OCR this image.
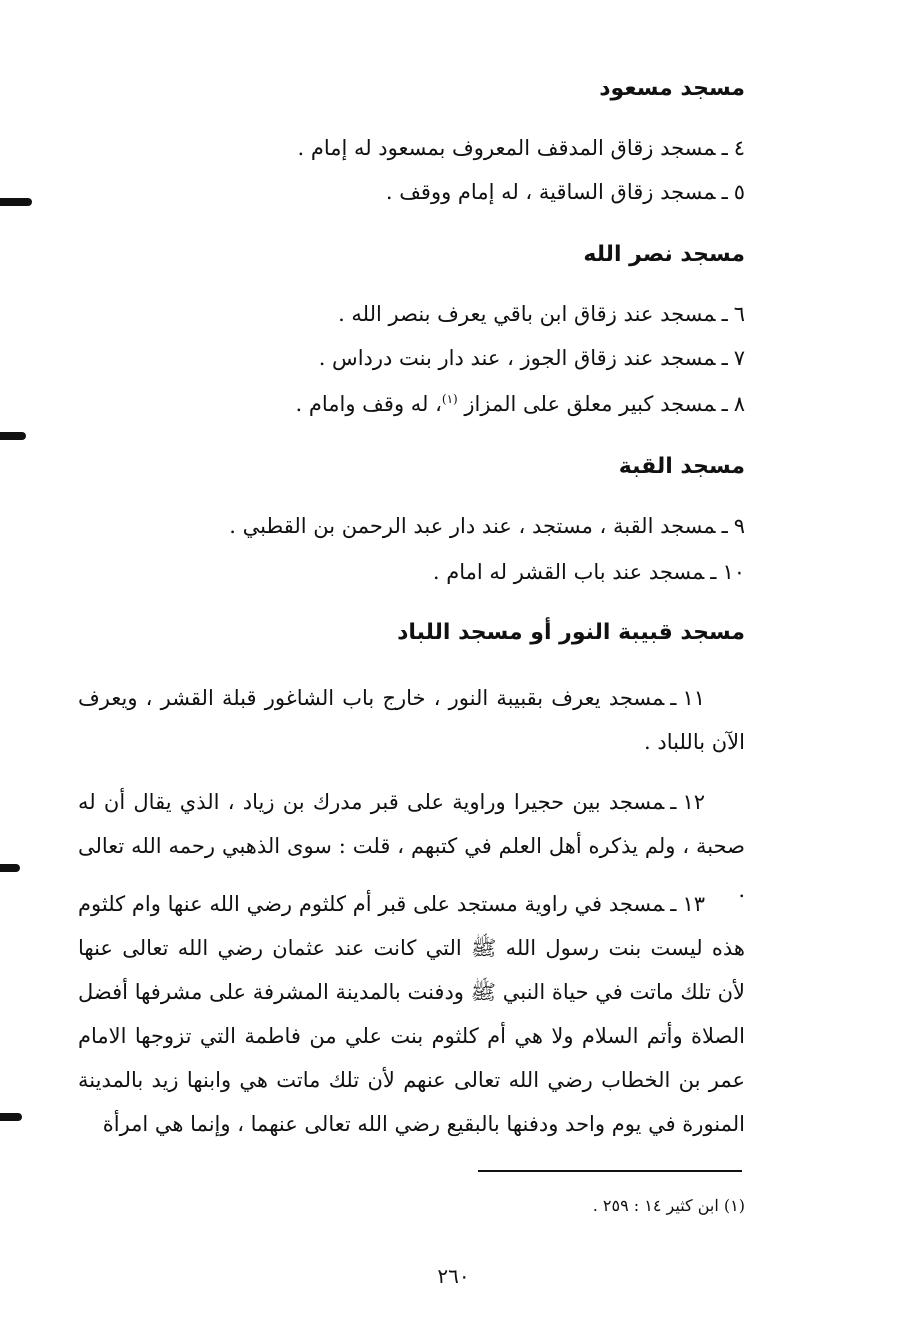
مسجد مسعود

٤ـمسجد زقاق المدقف المعروف بمسعود له إمام .

٥ـمسجد زقاق الساقية ، له إمام ووقف .

مسجد نصر الله

٦ـمسجد عند زقاق ابن باقي يعرف بنصر الله .

٧ـمسجد عند زقاق الجوز ، عند دار بنت درداس .

٨ـمسجد كبير معلق على المزاز $^{(١)}$، له وقف وامام .

مسجد القبة

٩ـمسجد القبة ، مستجد ، عند دار عبد الرحمن بن القطبي .

١٠ـمسجد عند باب القشر له امام .

مسجد قبيبة النور أو مسجد اللباد

١١ـمسجد يعرف بقبيبة النور ، خارج باب الشاغور قبلة القشر ، ويعرف الآن باللباد .

١٢ـمسجد بين حجيرا وراوية على قبر مدرك بن زياد ، الذي يقال أن له صحبة ، ولم يذكره أهل العلم في كتبهم ، قلت : سوى الذهبي رحمه الله تعالى .

١٣ـمسجد في راوية مستجد على قبر أم كلثوم رضي الله عنها وام كلثوم هذه ليست بنت رسول الله ﷺ التي كانت عند عثمان رضي الله تعالى عنها لأن تلك ماتت في حياة النبي ﷺ ودفنت بالمدينة المشرفة على مشرفها أفضل الصلاة وأتم السلام ولا هي أم كلثوم بنت علي من فاطمة التي تزوجها الامام عمر بن الخطاب رضي الله تعالى عنهم لأن تلك ماتت هي وابنها زيد بالمدينة المنورة في يوم واحد ودفنها بالبقيع رضي الله تعالى عنهما ، وإنما هي امرأة

(١) ابن كثير ١٤ : ٢٥٩ .

٢٦٠
